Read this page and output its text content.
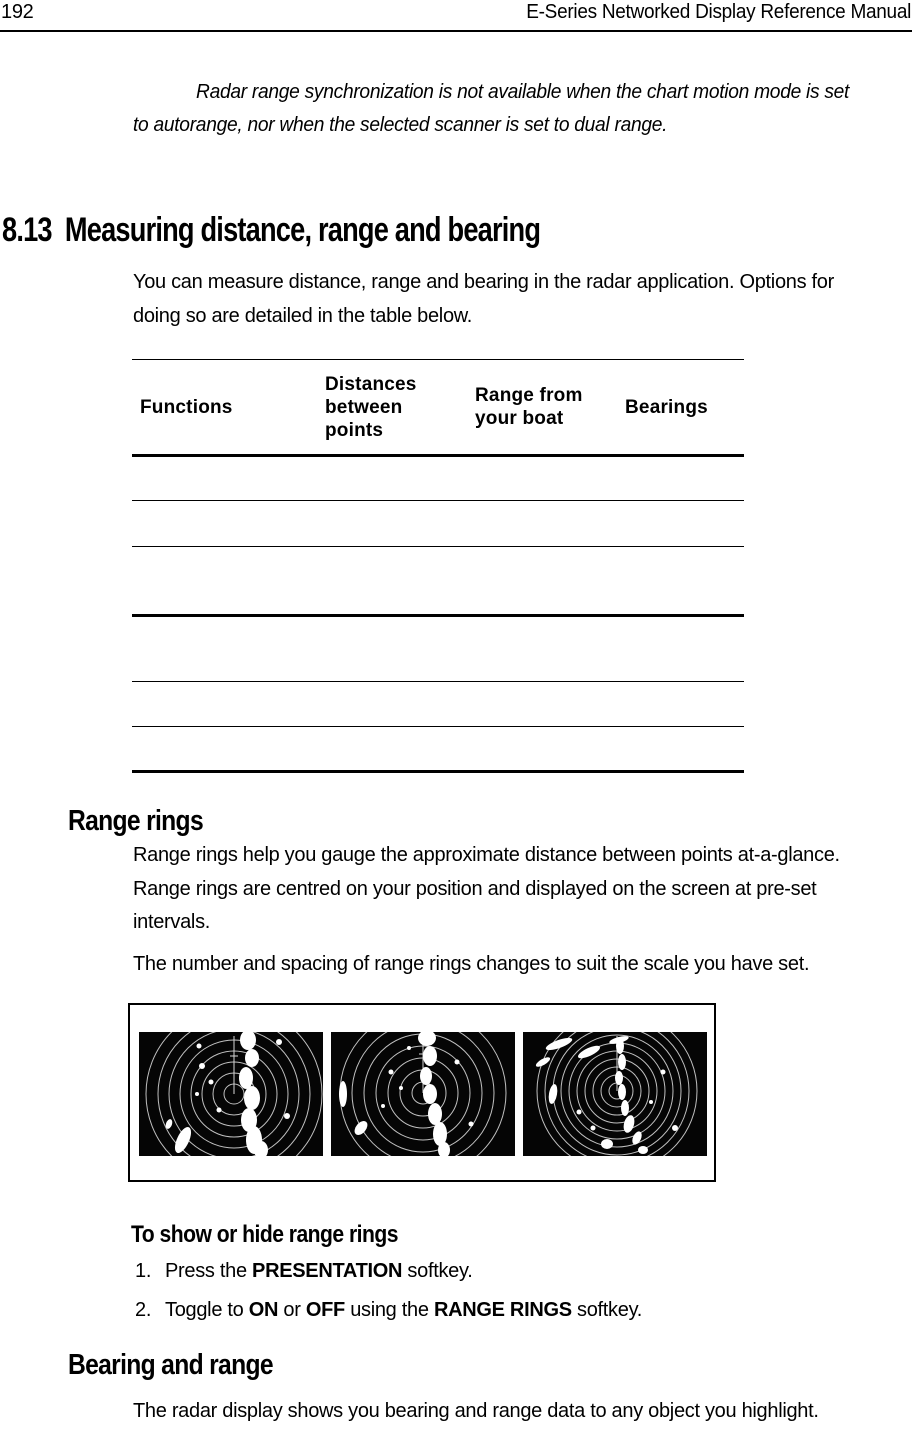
192	E-Series Networked Display Reference Manual
Radar range synchronization is not available when the chart motion mode is set
to autorange, nor when the selected scanner is set to dual range.
8.13 Measuring distance, range and bearing
You can measure distance, range and bearing in the radar application. Options for
doing so are detailed in the table below.
Functions
Distances between points
Range from your boat
Bearings
Range rings
Range rings help you gauge the approximate distance between points at-a-glance.
Range rings are centred on your position and displayed on the screen at pre-set
intervals.
The number and spacing of range rings changes to suit the scale you have set.
To show or hide range rings
1. Press the PRESENTATION softkey.
2. Toggle to ON or OFF using the RANGE RINGS softkey.
Bearing and range
The radar display shows you bearing and range data to any object you highlight.
